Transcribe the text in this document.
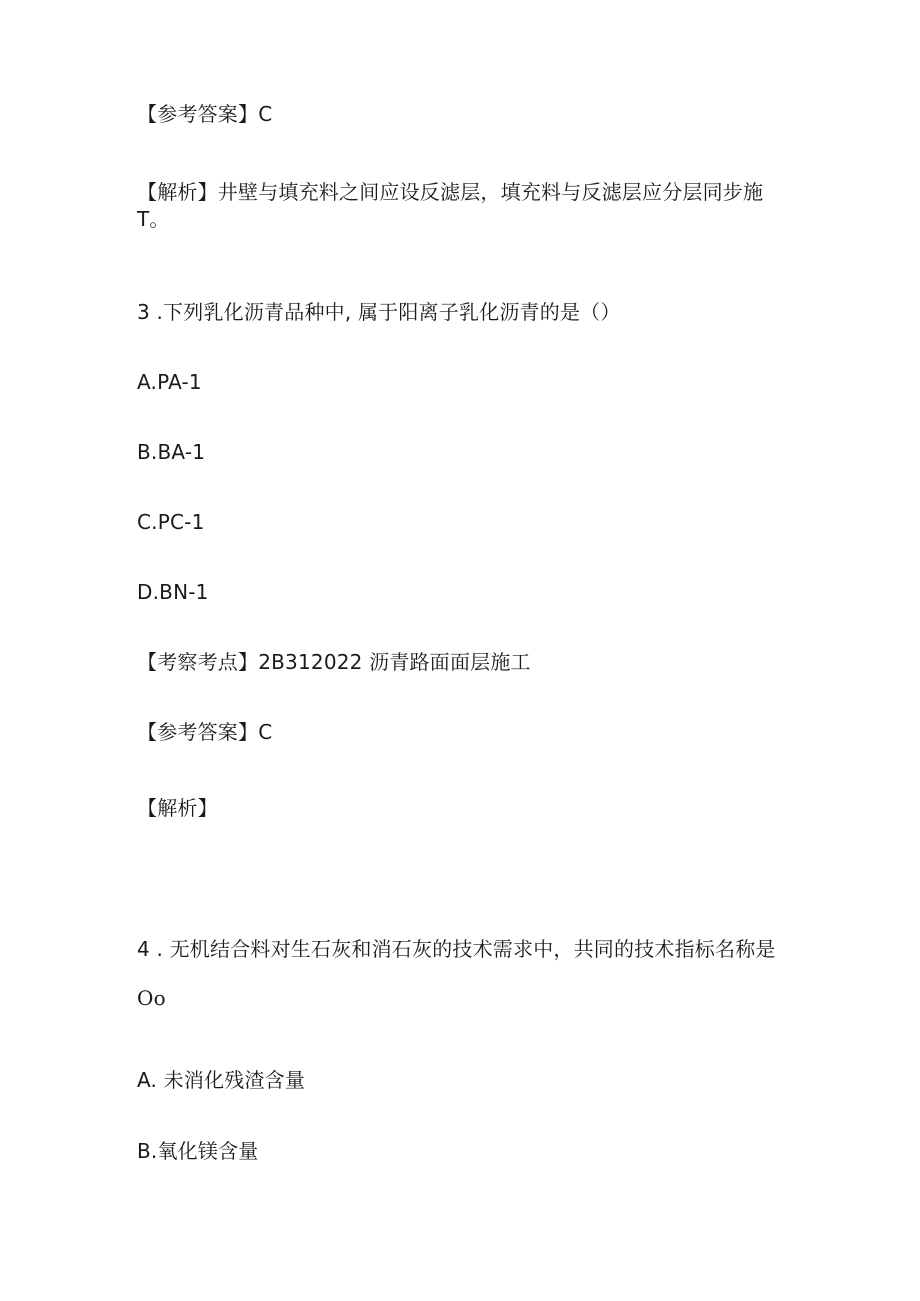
【参考答案】C
【解析】井壁与填充料之间应设反滤层，填充料与反滤层应分层同步施
T。
3 .下列乳化沥青品种中, 属于阳离子乳化沥青的是（）
A.PA-1
B.BA-1
C.PC-1
D.BN-1
【考察考点】2B312022 沥青路面面层施工
【参考答案】C
【解析】
4 . 无机结合料对生石灰和消石灰的技术需求中，共同的技术指标名称是
Oo
A. 未消化残渣含量
B.氧化镁含量
